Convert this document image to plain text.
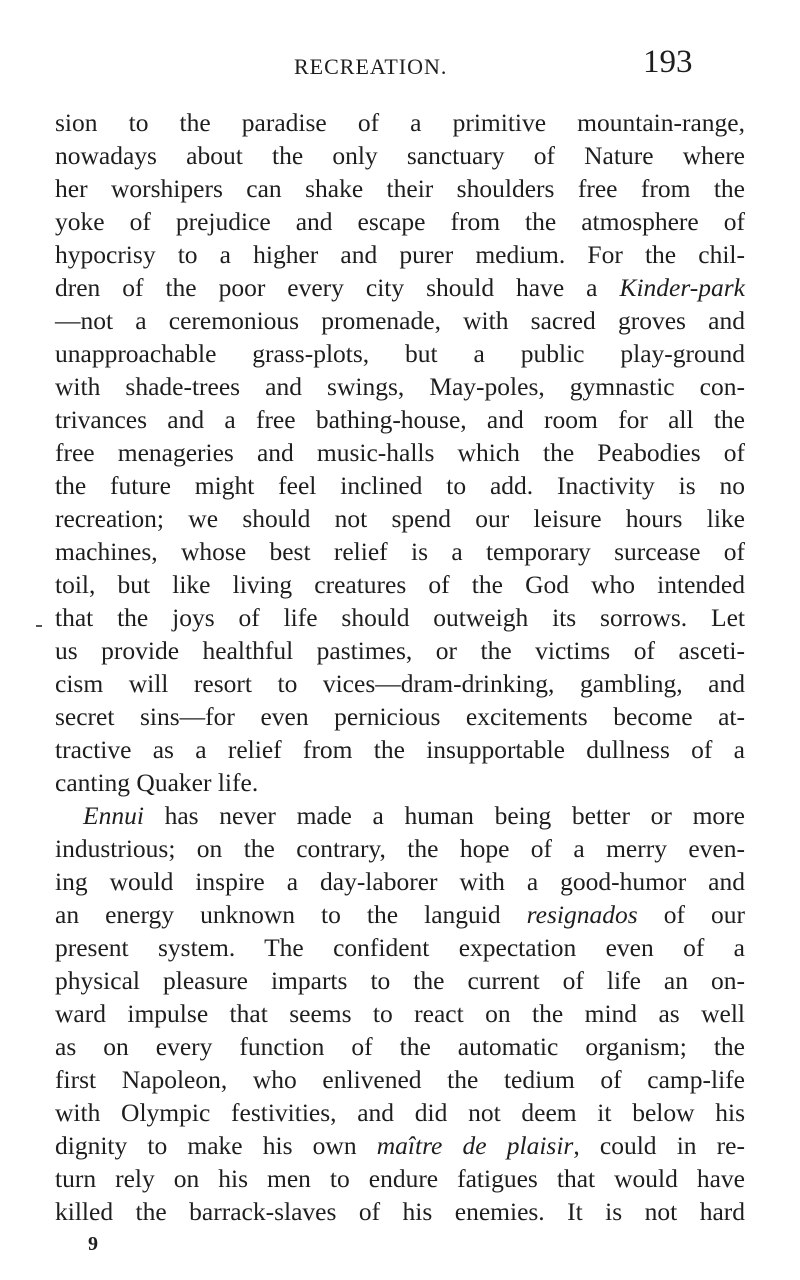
RECREATION.	193
sion to the paradise of a primitive mountain-range,
nowadays about the only sanctuary of Nature where
her worshipers can shake their shoulders free from the
yoke of prejudice and escape from the atmosphere of
hypocrisy to a higher and purer medium. For the chil-
dren of the poor every city should have a Kinder-park
—not a ceremonious promenade, with sacred groves and
unapproachable grass-plots, but a public play-ground
with shade-trees and swings, May-poles, gymnastic con-
trivances and a free bathing-house, and room for all the
free menageries and music-halls which the Peabodies of
the future might feel inclined to add. Inactivity is no
recreation; we should not spend our leisure hours like
machines, whose best relief is a temporary surcease of
toil, but like living creatures of the God who intended
that the joys of life should outweigh its sorrows. Let
us provide healthful pastimes, or the victims of asceti-
cism will resort to vices—dram-drinking, gambling, and
secret sins—for even pernicious excitements become at-
tractive as a relief from the insupportable dullness of a
canting Quaker life.
Ennui has never made a human being better or more
industrious; on the contrary, the hope of a merry even-
ing would inspire a day-laborer with a good-humor and
an energy unknown to the languid resignados of our
present system. The confident expectation even of a
physical pleasure imparts to the current of life an on-
ward impulse that seems to react on the mind as well
as on every function of the automatic organism; the
first Napoleon, who enlivened the tedium of camp-life
with Olympic festivities, and did not deem it below his
dignity to make his own maître de plaisir, could in re-
turn rely on his men to endure fatigues that would have
killed the barrack-slaves of his enemies. It is not hard
9
